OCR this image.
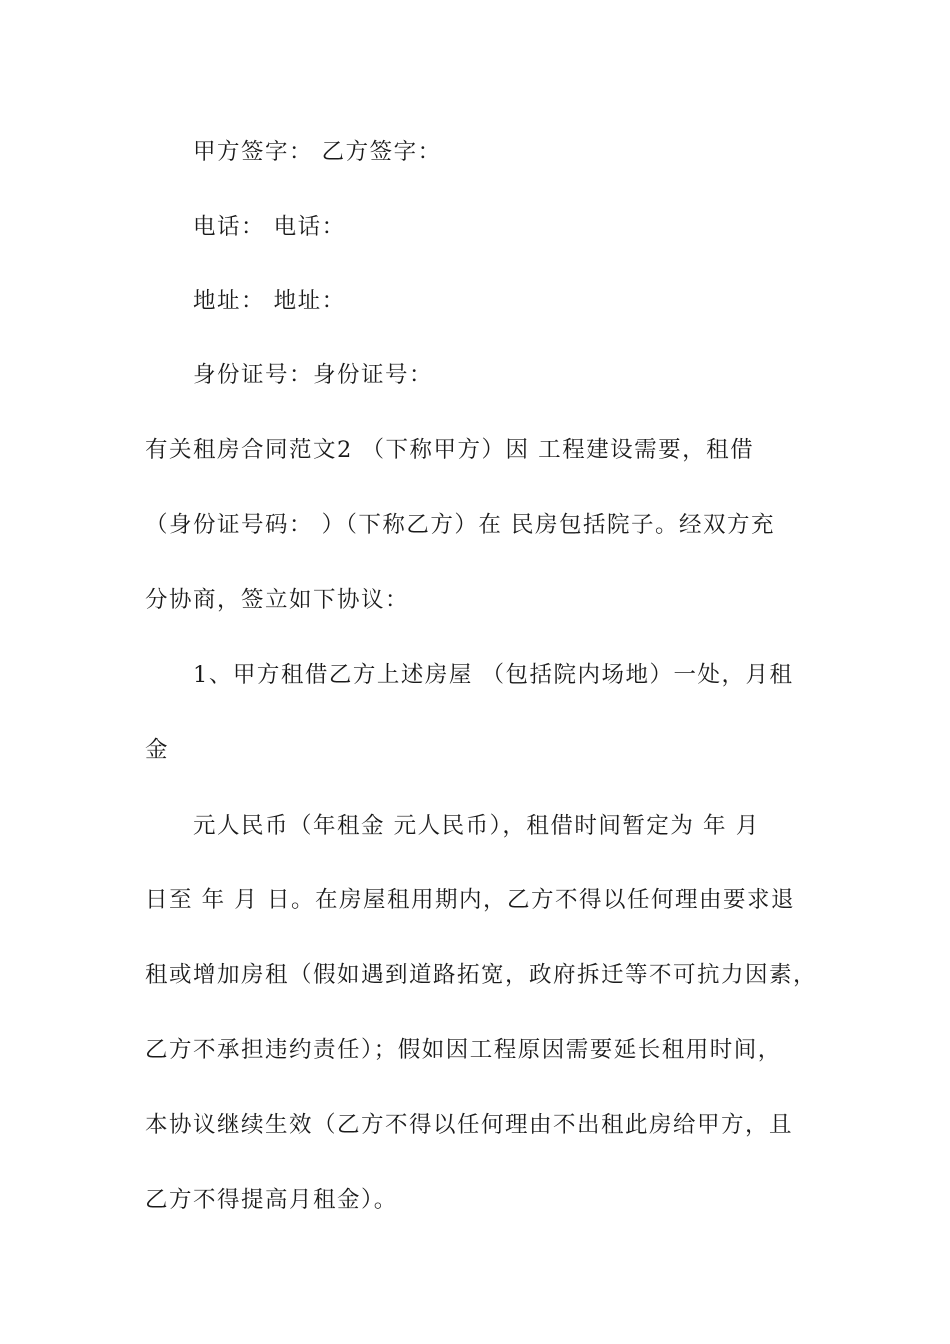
甲方签字： 乙方签字：
电话： 电话：
地址： 地址：
身份证号：身份证号：
有关租房合同范文2 （下称甲方）因 工程建设需要，租借
（身份证号码： ）（下称乙方）在 民房包括院子。经双方充
分协商，签立如下协议：
1、甲方租借乙方上述房屋 （包括院内场地）一处，月租
金
元人民币（年租金 元人民币），租借时间暂定为 年 月
日至 年 月 日。在房屋租用期内，乙方不得以任何理由要求退
租或增加房租（假如遇到道路拓宽，政府拆迁等不可抗力因素，
乙方不承担违约责任）；假如因工程原因需要延长租用时间，
本协议继续生效（乙方不得以任何理由不出租此房给甲方，且
乙方不得提高月租金）。
